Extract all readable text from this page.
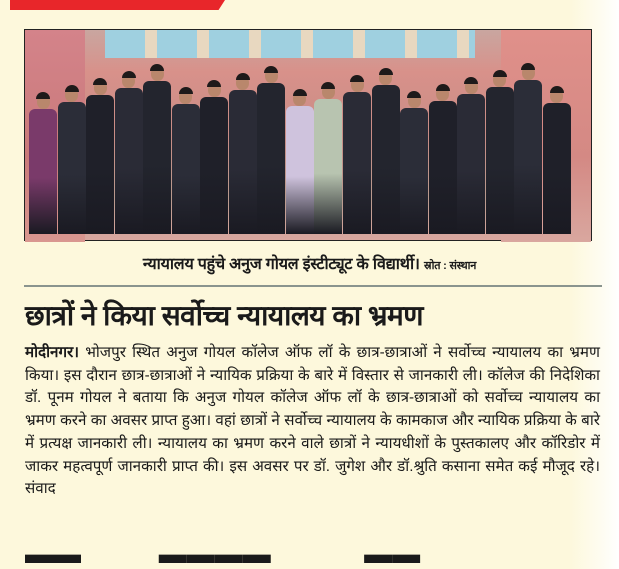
न्यायालय पहुंचे अनुज गोयल इंस्टीट्यूट के विद्यार्थी। स्रोत : संस्थान
छात्रों ने किया सर्वोच्च न्यायालय का भ्रमण
मोदीनगर। भोजपुर स्थित अनुज गोयल कॉलेज ऑफ लॉ के छात्र-छात्राओं ने सर्वोच्च न्यायालय का भ्रमण किया। इस दौरान छात्र-छात्राओं ने न्यायिक प्रक्रिया के बारे में विस्तार से जानकारी ली। कॉलेज की निदेशिका डॉ. पूनम गोयल ने बताया कि अनुज गोयल कॉलेज ऑफ लॉ के छात्र-छात्राओं को सर्वोच्च न्यायालय का भ्रमण करने का अवसर प्राप्त हुआ। वहां छात्रों ने सर्वोच्च न्यायालय के कामकाज और न्यायिक प्रक्रिया के बारे में प्रत्यक्ष जानकारी ली। न्यायालय का भ्रमण करने वाले छात्रों ने न्यायधीशों के पुस्तकालए और कॉरिडोर में जाकर महत्वपूर्ण जानकारी प्राप्त की। इस अवसर पर डॉ. जुगेश और डॉ.श्रुति कसाना समेत कई मौजूद रहे। संवाद
▬▬          ▬▬▬▬            ▬▬
